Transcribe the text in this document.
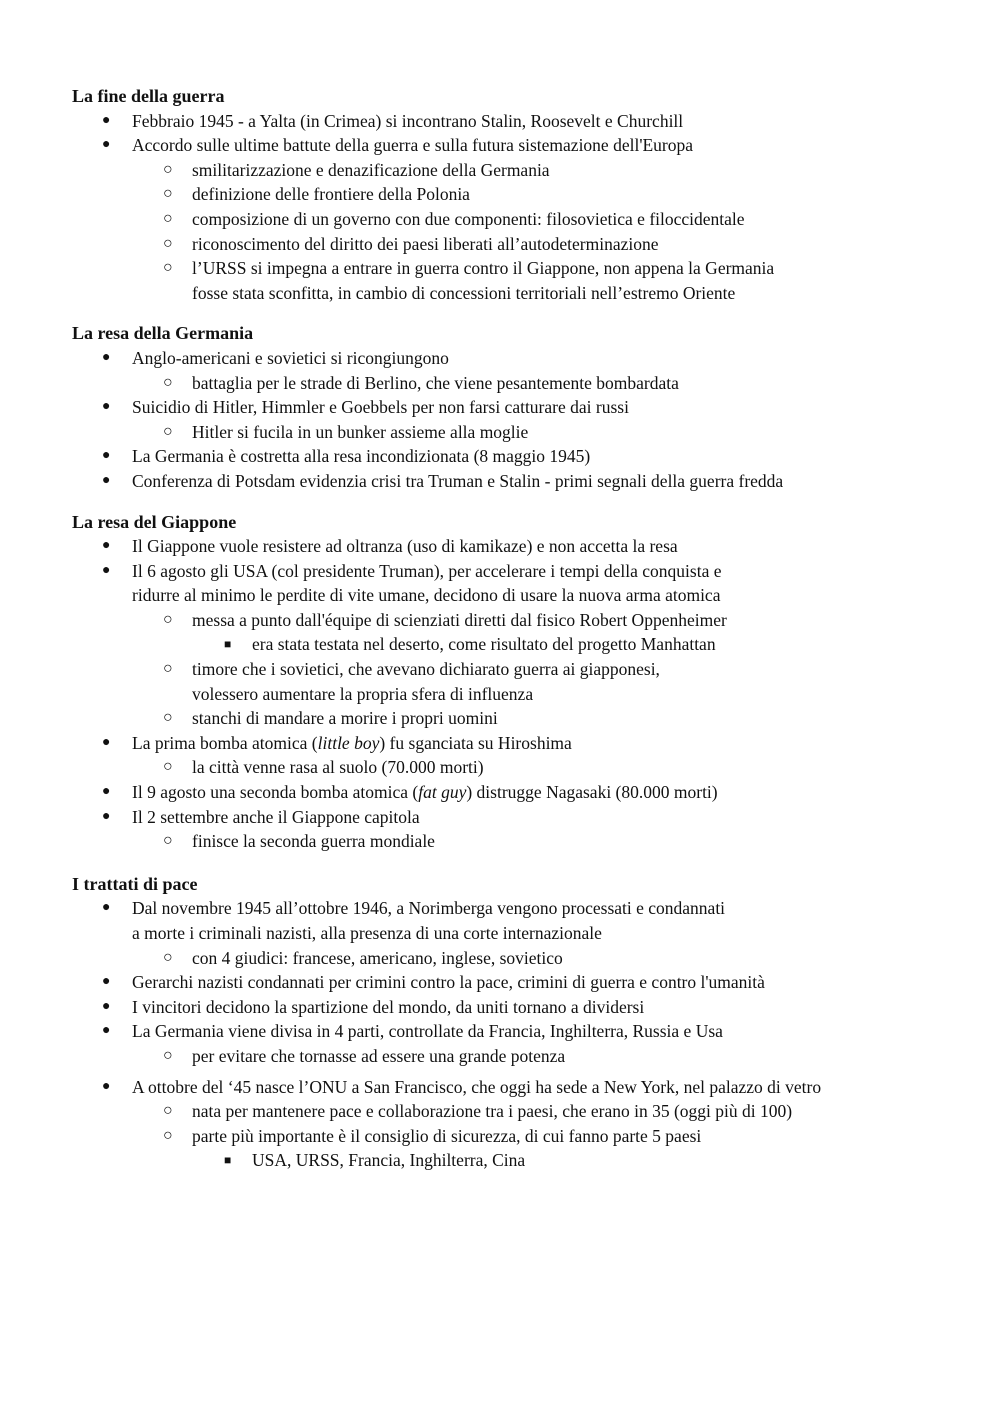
La fine della guerra
● Febbraio 1945 - a Yalta (in Crimea) si incontrano Stalin, Roosevelt e Churchill
● Accordo sulle ultime battute della guerra e sulla futura sistemazione dell'Europa
○ smilitarizzazione e denazificazione della Germania
○ definizione delle frontiere della Polonia
○ composizione di un governo con due componenti: filosovietica e filoccidentale
○ riconoscimento del diritto dei paesi liberati all’autodeterminazione
○ l’URSS si impegna a entrare in guerra contro il Giappone, non appena la Germania
fosse stata sconfitta, in cambio di concessioni territoriali nell’estremo Oriente
La resa della Germania
● Anglo-americani e sovietici si ricongiungono
○ battaglia per le strade di Berlino, che viene pesantemente bombardata
● Suicidio di Hitler, Himmler e Goebbels per non farsi catturare dai russi
○ Hitler si fucila in un bunker assieme alla moglie
● La Germania è costretta alla resa incondizionata (8 maggio 1945)
● Conferenza di Potsdam evidenzia crisi tra Truman e Stalin - primi segnali della guerra fredda
La resa del Giappone
● Il Giappone vuole resistere ad oltranza (uso di kamikaze) e non accetta la resa
● Il 6 agosto gli USA (col presidente Truman), per accelerare i tempi della conquista e
ridurre al minimo le perdite di vite umane, decidono di usare la nuova arma atomica
○ messa a punto dall'équipe di scienziati diretti dal fisico Robert Oppenheimer
■ era stata testata nel deserto, come risultato del progetto Manhattan
○ timore che i sovietici, che avevano dichiarato guerra ai giapponesi,
volessero aumentare la propria sfera di influenza
○ stanchi di mandare a morire i propri uomini
● La prima bomba atomica (little boy) fu sganciata su Hiroshima
○ la città venne rasa al suolo (70.000 morti)
● Il 9 agosto una seconda bomba atomica (fat guy) distrugge Nagasaki (80.000 morti)
● Il 2 settembre anche il Giappone capitola
○ finisce la seconda guerra mondiale
I trattati di pace
● Dal novembre 1945 all’ottobre 1946, a Norimberga vengono processati e condannati
a morte i criminali nazisti, alla presenza di una corte internazionale
○ con 4 giudici: francese, americano, inglese, sovietico
● Gerarchi nazisti condannati per crimini contro la pace, crimini di guerra e contro l'umanità
● I vincitori decidono la spartizione del mondo, da uniti tornano a dividersi
● La Germania viene divisa in 4 parti, controllate da Francia, Inghilterra, Russia e Usa
○ per evitare che tornasse ad essere una grande potenza
● A ottobre del ‘45 nasce l’ONU a San Francisco, che oggi ha sede a New York, nel palazzo di vetro
○ nata per mantenere pace e collaborazione tra i paesi, che erano in 35 (oggi più di 100)
○ parte più importante è il consiglio di sicurezza, di cui fanno parte 5 paesi
■ USA, URSS, Francia, Inghilterra, Cina
